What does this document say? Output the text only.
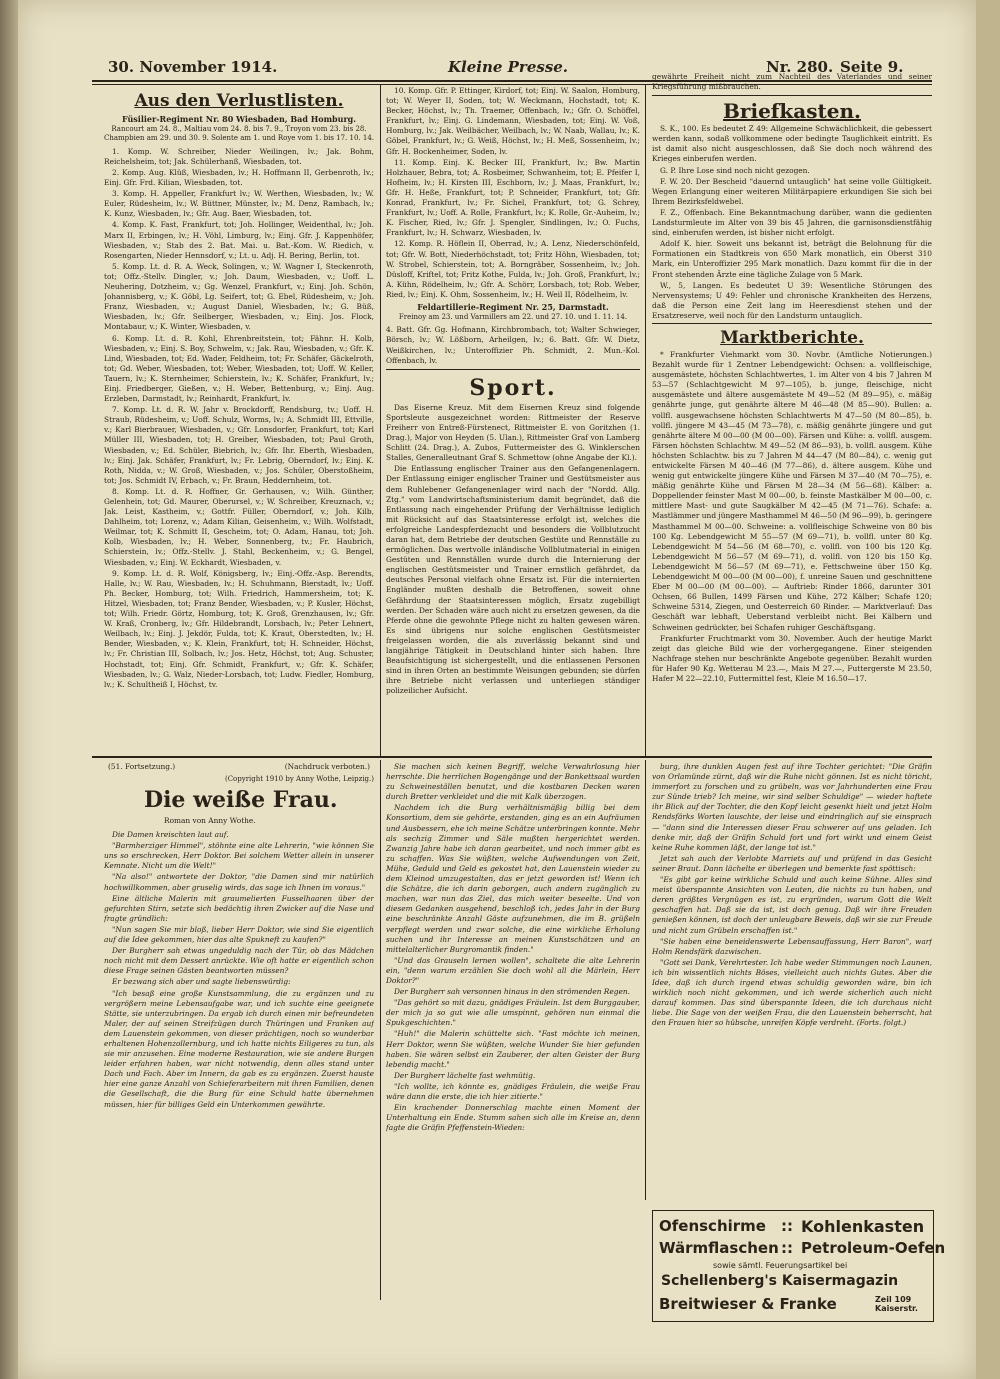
30. November 1914.	Kleine Presse.	Nr. 280. Seite 9.
Aus den Verlustlisten.
Füsilier-Regiment Nr. 80 Wiesbaden, Bad Homburg.
Rancourt am 24. 8., Maltiau vom 24. 8. bis 7. 9., Troyon vom 23. bis 28. Champbien am 29. und 30. 9. Solente am 1. und Roye vom 1. bis 17. 10. 14.

1. Komp. W. Schreiber, Nieder Weilingen, lv.; Jak. Bohm, Reichelsheim, tot; Jak. Schülerhanß, Wiesbaden, tot.

2. Komp. Aug. Klüß, Wiesbaden, lv.; H. Hoffmann II, Gerbenroth, lv.; Einj. Gfr. Frd. Kilian, Wiesbaden, tot.

3. Komp. H. Appeller, Frankfurt lv.; W. Werthen, Wiesbaden, lv.; W. Euler, Rüdesheim, lv.; W. Büttner, Münster, lv.; M. Denz, Rambach, lv.; K. Kunz, Wiesbaden, lv.; Gfr. Aug. Baer, Wiesbaden, tot.

4. Komp. K. Fast, Frankfurt, tot; Joh. Hollinger, Weidenthal, lv.; Joh. Marx II, Erbingen, lv.; H. Vöhl, Limburg, lv.; Einj. Gfr. J. Kappenhöfer, Wiesbaden, v.; Stab des 2. Bat. Mai. u. Bat.-Kom. W. Riedich, v. Rosengarten, Nieder Hennsdorf, v.; Lt. u. Adj. H. Bering, Berlin, tot.

5. Komp. Lt. d. R. A. Weck, Solingen, v.; W. Wagner I, Steckenroth, tot; Offz.-Stellv. Dingler, v.; Joh. Daum, Wiesbaden, v.; Uoff. L. Neuhering, Dotzheim, v.; Gg. Wenzel, Frankfurt, v.; Einj. Joh. Schön, Johannisberg, v.; K. Göbl, Lg. Seifert, tot; G. Ebel, Rüdesheim, v.; Joh. Franz, Wiesbaden, v.; August Daniel, Wiesbaden, lv.; G. Büß, Wiesbaden, lv.; Gfr. Seilberger, Wiesbaden, v.; Einj. Jos. Flock, Montabaur, v.; K. Winter, Wiesbaden, v.

6. Komp. Lt. d. R. Kohl, Ehrenbreitstein, tot; Fähnr. H. Kolb, Wiesbaden, v.; Einj. S. Boy, Schwelm, v.; Jak. Rau, Wiesbaden, v.; Gfr. K. Lind, Wiesbaden, tot; Ed. Wader, Feldheim, tot; Fr. Schäfer, Gäckelroth, tot; Gd. Weber, Wiesbaden, tot; Weber, Wiesbaden, tot; Uoff. W. Keller, Tauern, lv.; K. Sternheimer, Schierstein, lv.; K. Schäfer, Frankfurt, lv.; Einj. Friedberger, Gießen, v.; H. Weber, Bettenburg, v.; Einj. Aug. Erzleben, Darmstadt, lv.; Reinhardt, Frankfurt, lv.

7. Komp. Lt. d. R. W. Jahr v. Brockdorff, Rendsburg, tv.; Uoff. H. Straub, Rüdesheim, v.; Uoff. Schulz, Worms, lv.; A. Schmidt III, Ettville, v.; Karl Bierbrauer, Wiesbaden, v.; Gfr. Lonsdorfer, Frankfurt, tot; Karl Müller III, Wiesbaden, tot; H. Greiber, Wiesbaden, tot; Paul Groth, Wiesbaden, v.; Ed. Schüler, Biebrich, lv.; Gfr. Ihr. Eberth, Wiesbaden, lv.; Einj. Jak. Schäfer, Frankfurt, lv.; Fr. Lebrig, Oberndorf, lv.; Einj. K. Roth, Nidda, v.; W. Groß, Wiesbaden, v.; Jos. Schüler, Oberstoßheim, tot; Jos. Schmidt IV, Erbach, v.; Fr. Braun, Heddernheim, tot.

8. Komp. Lt. d. R. Hoffner, Gr. Gerhausen, v.; Wilh. Günther, Gelenhein, tot; Gd. Maurer, Oberursel, v.; W. Schreiber, Kreuznach, v.; Jak. Leist, Kastheim, v.; Gottfr. Füller, Oberndorf, v.; Joh. Kilb, Dahlheim, tot; Lorenz, v.; Adam Kilian, Geisenheim, v.; Wilh. Wolfstadt, Weilmar, tot; K. Schmitt II, Gescheim, tot; O. Adam, Hanau, tot; Joh. Kolb, Wiesbaden, lv.; H. Weber, Sonnenberg, tv.; Fr. Haubrich, Schierstein, lv.; Offz.-Stellv. J. Stahl, Beckenheim, v.; G. Bengel, Wiesbaden, v.; Einj. W. Eckhardt, Wiesbaden, v.

9. Komp. Lt. d. R. Wolf, Königsberg, lv.; Einj.-Offz.-Asp. Berendts, Halle, lv.; W. Rau, Wiesbaden, lv.; H. Schuhmann, Bierstadt, lv.; Uoff. Ph. Becker, Homburg, tot; Wilh. Friedrich, Hammersheim, tot; K. Hitzel, Wiesbaden, tot; Franz Bender, Wiesbaden, v.; P. Kusler, Höchst, tot; Wilh. Friedr. Görtz, Homburg, tot; K. Groß, Grenzhausen, lv.; Gfr. W. Kraß, Cronberg, lv.; Gfr. Hildebrandt, Lorsbach, lv.; Peter Lehnert, Weilbach, lv.; Einj. J. Jekdör, Fulda, tot; K. Kraut, Oberstedten, lv.; H. Bender, Wiesbaden, v.; K. Klein, Frankfurt, tot; H. Schneider, Höchst, lv.; Fr. Christian III, Solbach, lv.; Jos. Hetz, Höchst, tot; Aug. Schuster, Hochstadt, tot; Einj. Gfr. Schmidt, Frankfurt, v.; Gfr. K. Schäfer, Wiesbaden, lv.; G. Walz, Nieder-Lorsbach, tot; Ludw. Fiedler, Homburg, lv.; K. Schultheiß I, Höchst, tv.

10. Komp. Gfr. P. Ettinger, Kirdorf, tot; Einj. W. Saalon, Homburg, tot; W. Weyer II, Soden, tot; W. Weckmann, Hochstadt, tot; K. Becker, Höchst, lv.; Th. Traemer, Offenbach, lv.; Gfr. O. Schöffel, Frankfurt, lv.; Einj. G. Lindemann, Wiesbaden, tot; Einj. W. Voß, Homburg, lv.; Jak. Weilbächer, Weilbach, lv.; W. Naab, Wallau, lv.; K. Göbel, Frankfurt, lv.; G. Weiß, Höchst, lv.; H. Meß, Sossenheim, lv.; Gfr. H. Bockenheimer, Soden, lv.

11. Komp. Einj. K. Becker III, Frankfurt, lv.; Bw. Martin Holzhauer, Bebra, tot; A. Rosbeimer, Schwanheim, tot; E. Pfeifer I, Hofheim, lv.; H. Kirsten III, Eschborn, lv.; J. Maas, Frankfurt, lv.; Gfr. H. Heße, Frankfurt, tot; P. Schneider, Frankfurt, tot; Gfr. Konrad, Frankfurt, lv.; Fr. Sichel, Frankfurt, tot; G. Schrey, Frankfurt, lv.; Uoff. A. Rolle, Frankfurt, lv.; K. Rolle, Gr.-Auheim, lv.; K. Fischer, Ried, lv.; Gfr. J. Spengler, Sindlingen, lv.; O. Fuchs, Frankfurt, lv.; H. Schwarz, Wiesbaden, lv.

12. Komp. R. Höflein II, Oberrad, lv.; A. Lenz, Niederschönfeld, tot; Gfr. W. Bott, Niederhöchstadt, tot; Fritz Höhn, Wiesbaden, tot; W. Strobel, Schierstein, tot; A. Borngräber, Sossenheim, lv.; Joh. Düsloff, Kriftel, tot; Fritz Kothe, Fulda, lv.; Joh. Groß, Frankfurt, lv.; A. Kühn, Rödelheim, lv.; Gfr. A. Schörr, Lorsbach, tot; Rob. Weber, Ried, lv.; Einj. K. Ohm, Sossenheim, lv.; H. Weil II, Rödelheim, lv.

Feldartillerie-Regiment Nr. 25, Darmstadt.
Freinoy am 23. und Varmillers am 22. und 27. 10. und 1. 11. 14.
4. Batt. Gfr. Gg. Hofmann, Kirchbrombach, tot; Walter Schwieger, Börsch, lv.; W. Lößborn, Arheilgen, lv.; 6. Batt. Gfr. W. Dietz, Weißkirchen, lv.; Unteroffizier Ph. Schmidt, 2. Mun.-Kol. Offenbach, lv.
Sport.

Das Eiserne Kreuz. Mit dem Eisernen Kreuz sind folgende Sportsleute ausgezeichnet worden: Rittmeister der Reserve Freiherr von Entreß-Fürstenect, Rittmeister E. von Goritzhen (1. Drag.), Major von Heyden (5. Ulan.), Rittmeister Graf von Lamberg Schlitt (24. Drag.), A. Zubos, Futtermeister des G. Winklerschen Stalles, Generalleutnant Graf S. Schmettow (ohne Angabe der Kl.).

Die Entlassung englischer Trainer aus den Gefangenenlagern. Der Entlassung einiger englischer Trainer und Gestütsmeister aus dem Ruhlebener Gefangenenlager wird nach der "Nordd. Allg. Ztg." vom Landwirtschaftsministerium damit begründet, daß die Entlassung nach eingehender Prüfung der Verhältnisse lediglich mit Rücksicht auf das Staatsinteresse erfolgt ist, welches die erfolgreiche Landespferdezucht und besonders die Vollblutzucht daran hat, dem Betriebe der deutschen Gestüte und Rennställe zu ermöglichen. Das wertvolle inländische Vollblutmaterial in einigen Gestüten und Rennställen wurde durch die Internierung der englischen Gestütsmeister und Trainer ernstlich gefährdet, da deutsches Personal vielfach ohne Ersatz ist. Für die internierten Engländer mußten deshalb die Betroffenen, soweit ohne Gefährdung der Staatsinteressen möglich, Ersatz zugebilligt werden. Der Schaden wäre auch nicht zu ersetzen gewesen, da die Pferde ohne die gewohnte Pflege nicht zu halten gewesen wären. Es sind übrigens nur solche englischen Gestütsmeister freigelassen worden, die als zuverlässig bekannt sind und langjährige Tätigkeit in Deutschland hinter sich haben. Ihre Beaufsichtigung ist sichergestellt, und die entlassenen Personen sind in ihren Orten an bestimmte Weisungen gebunden; sie dürfen ihre Betriebe nicht verlassen und unterliegen ständiger polizeilicher Aufsicht.

gewährte Freiheit nicht zum Nachteil des Vaterlandes und seiner Kriegsführung mißbrauchen.
Briefkasten.

S. K., 100. Es bedeutet Z 49: Allgemeine Schwächlichkeit, die gebessert werden kann, sodaß vollkommene oder bedingte Tauglichkeit eintritt. Es ist damit also nicht ausgeschlossen, daß Sie doch noch während des Krieges einberufen werden.

G. P. Ihre Lose sind noch nicht gezogen.

F. W. 20. Der Bescheid "dauernd untauglich" hat seine volle Gültigkeit. Wegen Erlangung einer weiteren Militärpapiere erkundigen Sie sich bei Ihrem Bezirksfeldwebel.

F. Z., Offenbach. Eine Bekanntmachung darüber, wann die gedienten Landsturmleute im Alter von 39 bis 45 Jahren, die garnisonsdienstfähig sind, einberufen werden, ist bisher nicht erfolgt.

Adolf K. hier. Soweit uns bekannt ist, beträgt die Belohnung für die Formationen ein Stadtkreis von 650 Mark monatlich, ein Oberst 310 Mark, ein Unteroffizier 295 Mark monatlich. Dazu kommt für die in der Front stehenden Ärzte eine tägliche Zulage von 5 Mark.

W., 5, Langen. Es bedeutet U 39: Wesentliche Störungen des Nervensystems; U 49: Fehler und chronische Krankheiten des Herzens, daß die Person eine Zeit lang im Heeresdienst stehen und der Ersatzreserve, weil noch für den Landsturm untauglich.

Marktberichte.

* Frankfurter Viehmarkt vom 30. Novbr. (Amtliche Notierungen.) Bezahlt wurde für 1 Zentner Lebendgewicht: Ochsen: a. vollfleischige, ausgemästete, höchsten Schlachtwertes, 1. im Alter von 4 bis 7 Jahren M 53—57 (Schlachtgewicht M 97—105), b. junge, fleischige, nicht ausgemästete und ältere ausgemästete M 49—52 (M 89—95), c. mäßig genährte junge, gut genährte ältere M 46—48 (M 85—90). Bullen: a. vollfl. ausgewachsene höchsten Schlachtwerts M 47—50 (M 80—85), b. vollfl. jüngere M 43—45 (M 73—78), c. mäßig genährte jüngere und gut genährte ältere M 00—00 (M 00—00). Färsen und Kühe: a. vollfl. ausgem. Färsen höchsten Schlachtw. M 49—52 (M 86—93), b. vollfl. ausgem. Kühe höchsten Schlachtw. bis zu 7 Jahren M 44—47 (M 80—84), c. wenig gut entwickelte Färsen M 40—46 (M 77—86), d. ältere ausgem. Kühe und wenig gut entwickelte jüngere Kühe und Färsen M 37—40 (M 70—75), e. mäßig genährte Kühe und Färsen M 28—34 (M 56—68). Kälber: a. Doppellender feinster Mast M 00—00, b. feinste Mastkälber M 00—00, c. mittlere Mast- und gute Saugkälber M 42—45 (M 71—76). Schafe: a. Mastlämmer und jüngere Masthammel M 46—50 (M 96—99), b. geringere Masthammel M 00—00. Schweine: a. vollfleischige Schweine von 80 bis 100 Kg. Lebendgewicht M 55—57 (M 69—71), b. vollfl. unter 80 Kg. Lebendgewicht M 54—56 (M 68—70), c. vollfl. von 100 bis 120 Kg. Lebendgewicht M 56—57 (M 69—71), d. vollfl. von 120 bis 150 Kg. Lebendgewicht M 56—57 (M 69—71), e. Fettschweine über 150 Kg. Lebendgewicht M 00—00 (M 00—00), f. unreine Sauen und geschnittene Eber M 00—00 (M 00—00). — Auftrieb: Rinder 1866, darunter 301 Ochsen, 66 Bullen, 1499 Färsen und Kühe, 272 Kälber; Schafe 120; Schweine 5314, Ziegen, und Oesterreich 60 Rinder. — Marktverlauf: Das Geschäft war lebhaft, Ueberstand verbleibt nicht. Bei Kälbern und Schweinen gedrückter, bei Schafen ruhiger Geschäftsgang.

Frankfurter Fruchtmarkt vom 30. November. Auch der heutige Markt zeigt das gleiche Bild wie der vorhergegangene. Einer steigenden Nachfrage stehen nur beschränkte Angebote gegenüber. Bezahlt wurden für Hafer 90 Kg. Wetterau M 23.—, Mais M 27.—, Futtergerste M 23.50, Hafer M 22—22.10, Futtermittel fest, Kleie M 16.50—17.

(51. Fortsetzung.)	(Nachdruck verboten.)
(Copyright 1910 by Anny Wothe, Leipzig.)
Die weiße Frau.
Roman von Anny Wothe.

Die Damen kreischten laut auf.

"Barmherziger Himmel", stöhnte eine alte Lehrerin, "wie können Sie uns so erschrecken, Herr Doktor. Bei solchem Wetter allein in unserer Kemnate. Nicht um die Welt!"

"Na also!" antwortete der Doktor, "die Damen sind mir natürlich hochwillkommen, aber gruselig wirds, das sage ich Ihnen im voraus."

Eine ältliche Malerin mit graumelierten Fusselhaaren über der gefurchten Stirn, setzte sich bedächtig ihren Zwicker auf die Nase und fragte gründlich:

"Nun sagen Sie mir bloß, lieber Herr Doktor, wie sind Sie eigentlich auf die Idee gekommen, hier das alte Spukneft zu kaufen?"

Der Burgherr sah etwas ungeduldig nach der Tür, ob das Mädchen noch nicht mit dem Dessert anrückte. Wie oft hatte er eigentlich schon diese Frage seinen Gästen beantworten müssen?

Er bezwang sich aber und sagte liebenswürdig:

"Ich besaß eine große Kunstsammlung, die zu ergänzen und zu vergrößern meine Lebensaufgabe war, und ich suchte eine geeignete Stätte, sie unterzubringen. Da ergab ich durch einen mir befreundeten Maler, der auf seinen Streifzügen durch Thüringen und Franken auf dem Lauenstein gekommen, von dieser prächtigen, noch so wunderbar erhaltenen Hohenzollernburg, und ich hatte nichts Eiligeres zu tun, als sie mir anzusehen. Eine moderne Restauration, wie sie andere Burgen leider erfahren haben, war nicht notwendig, denn alles stand unter Dach und Fach. Aber im Innern, da gab es zu ergänzen. Zuerst hauste hier eine ganze Anzahl von Schieferarbeitern mit ihren Familien, denen die Gesellschaft, die die Burg für eine Schuld hatte übernehmen müssen, hier für billiges Geld ein Unterkommen gewährte.

Sie machen sich keinen Begriff, welche Verwahrlosung hier herrschte. Die herrlichen Bogengänge und der Bankettsaal wurden zu Schweineställen benutzt, und die kostbaren Decken waren durch Bretter verkleidet und die mit Kalk überzogen.

Nachdem ich die Burg verhältnismäßig billig bei dem Konsortium, dem sie gehörte, erstanden, ging es an ein Aufräumen und Ausbessern, ehe ich meine Schätze unterbringen konnte. Mehr als sechzig Zimmer und Säle mußten hergerichtet werden. Zwanzig Jahre habe ich daran gearbeitet, und noch immer gibt es zu schaffen. Was Sie wüßten, welche Aufwendungen von Zeit, Mühe, Geduld und Geld es gekostet hat, den Lauenstein wieder zu dem Kleinod umzugestalten, das er jetzt geworden ist! Wenn ich die Schätze, die ich darin geborgen, auch andern zugänglich zu machen, war nun das Ziel, das mich weiter beseelte. Und von diesem Gedanken ausgehend, beschloß ich, jedes Jahr in der Burg eine beschränkte Anzahl Gäste aufzunehmen, die im B. grüßeln verpflegt werden und zwar solche, die eine wirkliche Erholung suchen und ihr Interesse an meinen Kunstschätzen und an mittelalterlicher Burgromantik finden."

"Und das Grauseln lernen wollen", schaltete die alte Lehrerin ein, "denn warum erzählen Sie doch wohl all die Märlein, Herr Doktor?"

Der Burgherr sah versonnen hinaus in den strömenden Regen.

"Das gehört so mit dazu, gnädiges Fräulein. Ist dem Burggauber, der mich ja so gut wie alle umspinnt, gehören nun einmal die Spukgeschichten."

"Huh!" die Malerin schüttelte sich. "Fast möchte ich meinen, Herr Doktor, wenn Sie wüßten, welche Wunder Sie hier gefunden haben. Sie wären selbst ein Zauberer, der alten Geister der Burg lebendig macht."

Der Burgherr lächelte fast wehmütig.

"Ich wollte, ich könnte es, gnädiges Fräulein, die weiße Frau wäre dann die erste, die ich hier zitierte."

Ein krachender Donnerschlag machte einen Moment der Unterhaltung ein Ende. Stumm sahen sich alle im Kreise an, denn fagte die Gräfin Pfeffenstein-Wieden:

burg, ihre dunklen Augen fest auf ihre Tochter gerichtet: "Die Gräfin von Orlamünde zürnt, daß wir die Ruhe nicht gönnen. Ist es nicht töricht, immerfort zu forschen und zu grübeln, was vor Jahrhunderten eine Frau zur Sünde trieb? Ich meine, wir sind selber Schuldige" — wieder haftete ihr Blick auf der Tochter, die den Kopf leicht gesenkt hielt und jetzt Holm Rendsfärks Worten lauschte, der leise und eindringlich auf sie einsprach — "dann sind die Interessen dieser Frau schwerer auf uns geladen. Ich denke mir, daß der Gräfin Schuld fort und fort wirkt und einem Geist keine Ruhe kommen läßt, der lange tot ist."

Jetzt sah auch der Verlobte Marriets auf und prüfend in das Gesicht seiner Braut. Dann lächelte er überlegen und bemerkte fast spöttisch:

"Es gibt gar keine wirkliche Schuld und auch keine Sühne. Alles sind meist überspannte Ansichten von Leuten, die nichts zu tun haben, und deren größtes Vergnügen es ist, zu ergründen, warum Gott die Welt geschaffen hat. Daß sie da ist, ist doch genug. Daß wir ihre Freuden genießen können, ist doch der unleugbare Beweis, daß wir sie zur Freude und nicht zum Grübeln erschaffen ist."

"Sie haben eine beneidenswerte Lebensauffassung, Herr Baron", warf Holm Rendsfärk dazwischen.

"Gott sei Dank, Verehrtester. Ich habe weder Stimmungen noch Launen, ich bin wissentlich nichts Böses, vielleicht auch nichts Gutes. Aber die Idee, daß ich durch irgend etwas schuldig geworden wäre, bin ich wirklich noch nicht gekommen, und ich werde sicherlich auch nicht darauf kommen. Das sind überspannte Ideen, die ich durchaus nicht liebe. Die Sage von der weißen Frau, die den Lauenstein beherrscht, hat den Frauen hier so hübsche, unreifen Köpfe verdreht. (Forts. folgt.)

Ofenschirme :: Kohlenkasten
Wärmflaschen :: Petroleum-Oefen
sowie sämtl. Feuerungsartikel bei
Schellenberg's Kaisermagazin
Breitwieser & Franke	Zeil 109 Kaiserstr.
